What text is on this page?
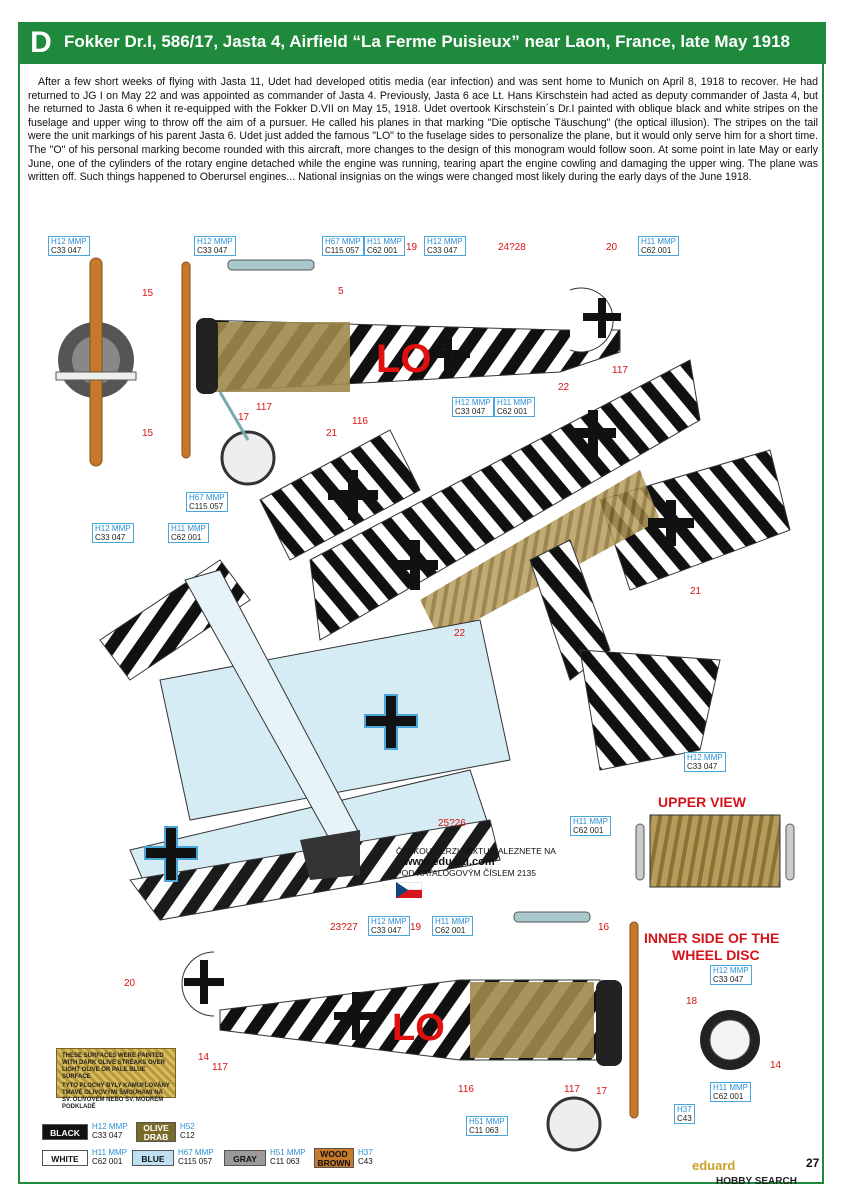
D Fokker Dr.I, 586/17, Jasta 4, Airfield “La Ferme Puisieux” near Laon, France, late May 1918
After a few short weeks of flying with Jasta 11, Udet had developed otitis media (ear infection) and was sent home to Munich on April 8, 1918 to recover. He had returned to JG I on May 22 and was appointed as commander of Jasta 4. Previously, Jasta 6 ace Lt. Hans Kirschstein had acted as deputy commander of Jasta 4, but he returned to Jasta 6 when it re-equipped with the Fokker D.VII on May 15, 1918. Udet overtook Kirschstein´s Dr.I painted with oblique black and white stripes on the fuselage and upper wing to throw off the aim of a pursuer. He called his planes in that marking "Die optische Täuschung" (the optical illusion). The stripes on the tail were the unit markings of his parent Jasta 6. Udet just added the famous "LO" to the fuselage sides to personalize the plane, but it would only serve him for a short time. The "O" of his personal marking become rounded with this aircraft, more changes to the design of this monogram would follow soon. At some point in late May or early June, one of the cylinders of the rotary engine detached while the engine was running, tearing apart the engine cowling and damaging the upper wing. The plane was written off. Such things happened to Oberursel engines... National insignias on the wings were changed most likely during the early days of the June 1918.
LO
LO
H12 MMP
C33 047
H12 MMP
C33 047
H67 MMP
C115 057
H11 MMP
C62 001
H12 MMP
C33 047
H11 MMP
C62 001
H12 MMP
C33 047
H11 MMP
C62 001
H67 MMP
C115 057
H12 MMP
C33 047
H11 MMP
C62 001
H12 MMP
C33 047
H11 MMP
C62 001
H12 MMP
C33 047
H11 MMP
C62 001
H12 MMP
C33 047
H11 MMP
C62 001
H51 MMP
C11 063
H37
C43
15
15
5
19	24?28	20
117
17
117
116
21
22
22
21
25?26
23?27	19	16
20
14
117
116	117 17
18
14
UPPER VIEW
INNER SIDE OF THE
WHEEL DISC
ČESKOU VERZI TEXTU NALEZNETE NA
www.eduard.com
POD KATALOGOVÝM ČÍSLEM 2135
THESE SURFACES WERE PAINTED WITH DARK OLIVE STREAKS OVER LIGHT OLIVE OR PALE BLUE SURFACE
TYTO PLOCHY BYLY KAMUFLOVÁNY TMAVĚ OLIVOVÝMI ŠMOUHAMI NA SV. OLIVOVÉM NEBO SV. MODRÉM PODKLADĚ
BLACK
H12 MMP
C33 047
OLIVE DRAB
H52
C12
WHITE
H11 MMP
C62 001	BLUE
H67 MMP
C115 057	GRAY
H51 MMP
C11 063
WOOD BROWN
H37
C43	eduard	27
HOBBY SEARCH
